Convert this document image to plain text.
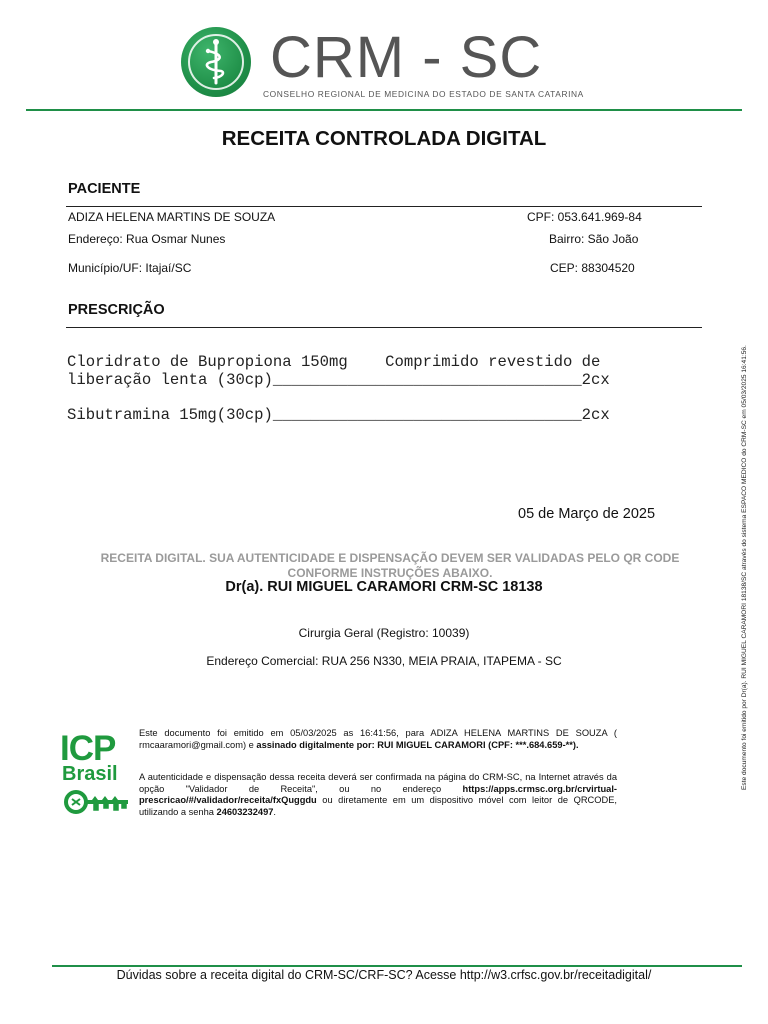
CRM - SC
CONSELHO REGIONAL DE MEDICINA DO ESTADO DE SANTA CATARINA
RECEITA CONTROLADA DIGITAL
PACIENTE
ADIZA HELENA MARTINS DE SOUZA	CPF: 053.641.969-84
Endereço: Rua Osmar Nunes	Bairro: São João
Município/UF: Itajaí/SC	CEP: 88304520
PRESCRIÇÃO
Cloridrato de Bupropiona 150mg    Comprimido revestido de
liberação lenta (30cp)_________________________________2cx
Sibutramina 15mg(30cp)_________________________________2cx
05 de Março de 2025
RECEITA DIGITAL. SUA AUTENTICIDADE E DISPENSAÇÃO DEVEM SER VALIDADAS PELO QR CODE CONFORME INSTRUÇÕES ABAIXO.
Dr(a). RUI MIGUEL CARAMORI CRM-SC 18138
Cirurgia Geral (Registro: 10039)
Endereço Comercial: RUA 256 N330, MEIA PRAIA, ITAPEMA - SC
ICP
Brasil
Este documento foi emitido em 05/03/2025 as 16:41:56, para ADIZA HELENA MARTINS DE SOUZA ( rmcaaramori@gmail.com) e assinado digitalmente por: RUI MIGUEL CARAMORI (CPF: ***.684.659-**).
A autenticidade e dispensação dessa receita deverá ser confirmada na página do CRM-SC, na Internet através da opção "Validador de Receita", ou no endereço https://apps.crmsc.org.br/crvirtual-prescricao/#/validador/receita/fxQuggdu ou diretamente em um dispositivo móvel com leitor de QRCODE, utilizando a senha 24603232497.
Este documento foi emitido por Dr(a). RUI MIGUEL CARAMORI 18138/SC através do sistema ESPACO MEDICO do CRM-SC em 05/03/2025 16:41:56.
Dúvidas sobre a receita digital do CRM-SC/CRF-SC? Acesse http://w3.crfsc.gov.br/receitadigital/
